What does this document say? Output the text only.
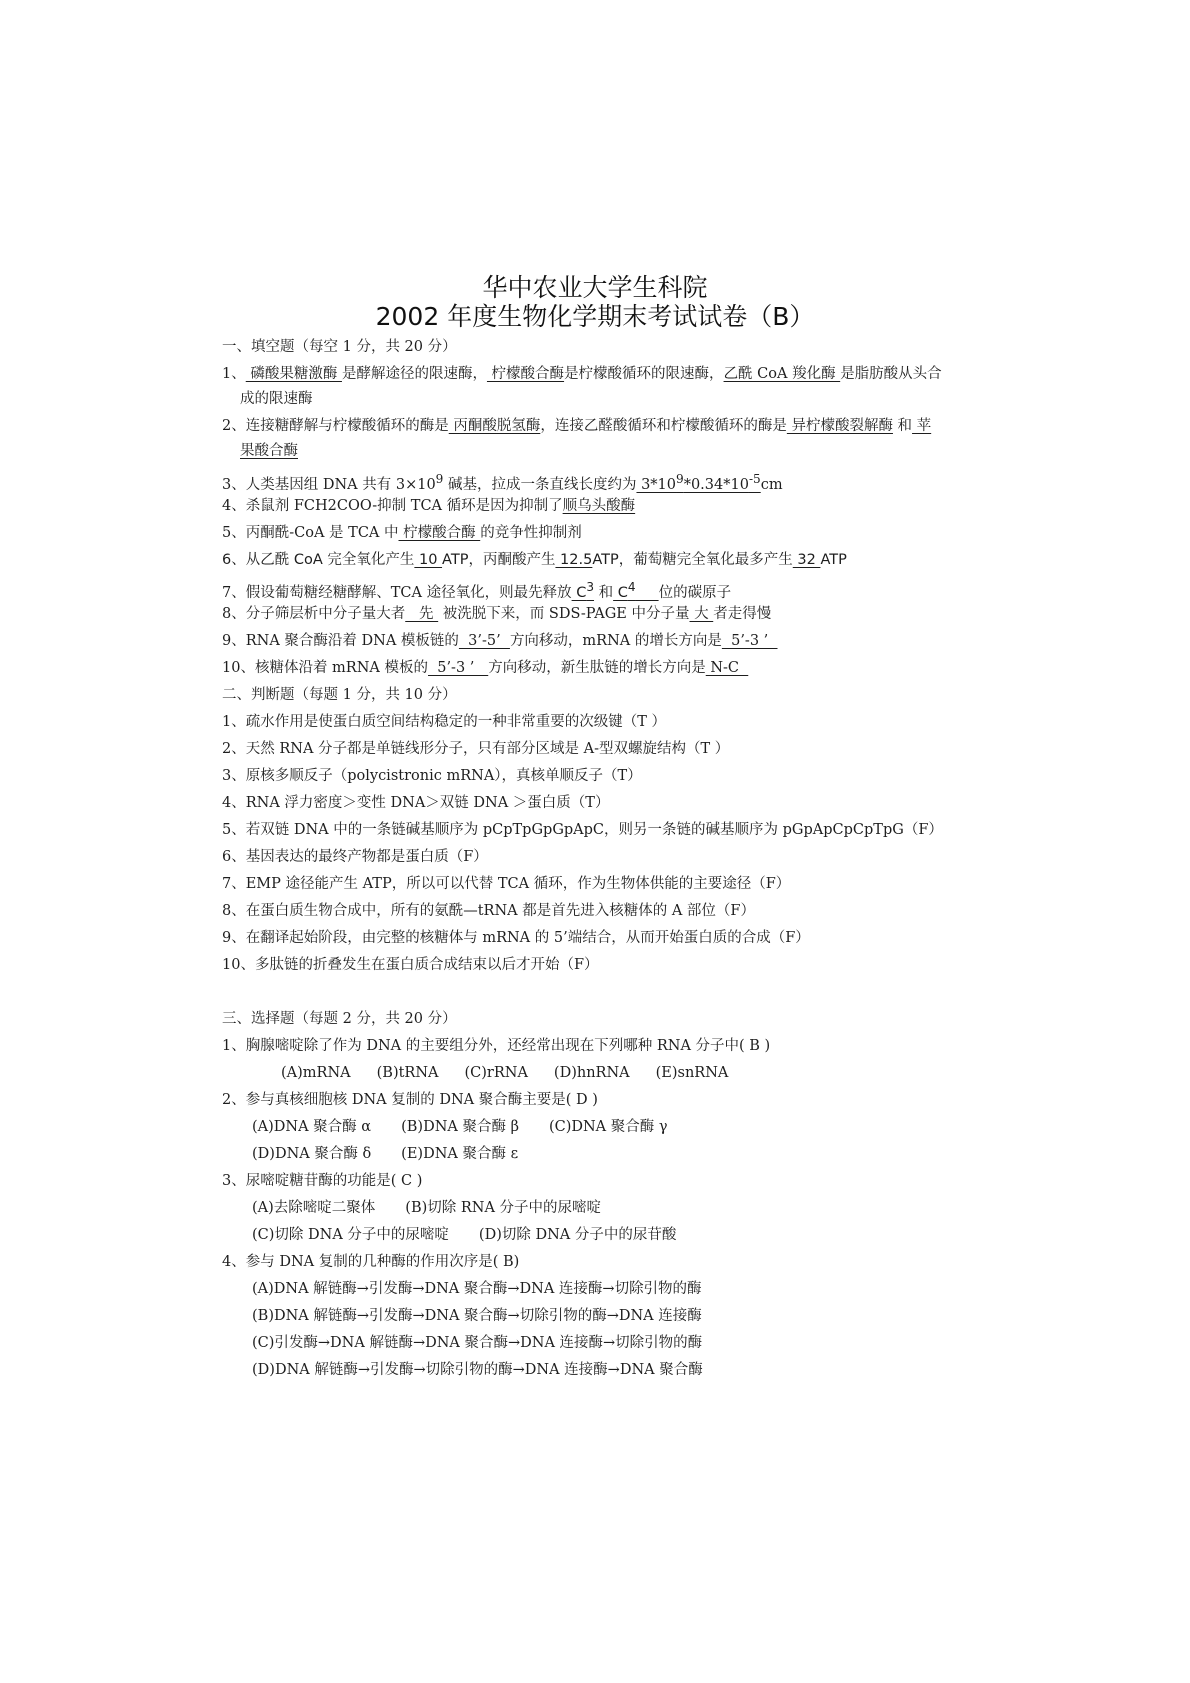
华中农业大学生科院
2002 年度生物化学期末考试试卷（B）
一、填空题（每空 1 分，共 20 分）
1、 磷酸果糖激酶 是酵解途径的限速酶， 柠檬酸合酶是柠檬酸循环的限速酶，乙酰 CoA 羧化酶 是脂肪酸从头合
成的限速酶
2、连接糖酵解与柠檬酸循环的酶是 丙酮酸脱氢酶，连接乙醛酸循环和柠檬酸循环的酶是 异柠檬酸裂解酶 和 苹
果酸合酶
3、人类基因组 DNA 共有 $3\times 10^9$ 碱基，拉成一条直线长度约为 $3*10^9*0.34*10^{-5}cm$
4、杀鼠剂 FCH2COO-抑制 TCA 循环是因为抑制了顺乌头酸酶
5、丙酮酰-CoA 是 TCA 中 柠檬酸合酶 的竞争性抑制剂
6、从乙酰 CoA 完全氧化产生 10 ATP，丙酮酸产生 12.5ATP，葡萄糖完全氧化最多产生 32 ATP
7、假设葡萄糖经糖酵解、TCA 途径氧化，则最先释放 $C^3$ 和 $C^4$ 位的碳原子
8、分子筛层析中分子量大者   先  被洗脱下来，而 SDS-PAGE 中分子量 大 者走得慢
9、RNA 聚合酶沿着 DNA 模板链的  3’-5’  方向移动，mRNA 的增长方向是  5’-3 ’
10、核糖体沿着 mRNA 模板的  5’-3 ’   方向移动，新生肽链的增长方向是 N-C
二、判断题（每题 1 分，共 10 分）
1、疏水作用是使蛋白质空间结构稳定的一种非常重要的次级键（T ）
2、天然 RNA 分子都是单链线形分子，只有部分区域是 A-型双螺旋结构（T ）
3、原核多顺反子（polycistronic mRNA），真核单顺反子（T）
4、RNA 浮力密度＞变性 DNA＞双链 DNA ＞蛋白质（T）
5、若双链 DNA 中的一条链碱基顺序为 pCpTpGpGpApC，则另一条链的碱基顺序为 pGpApCpCpTpG（F）
6、基因表达的最终产物都是蛋白质（F）
7、EMP 途径能产生 ATP，所以可以代替 TCA 循环，作为生物体供能的主要途径（F）
8、在蛋白质生物合成中，所有的氨酰—tRNA 都是首先进入核糖体的 A 部位（F）
9、在翻译起始阶段，由完整的核糖体与 mRNA 的 5’端结合，从而开始蛋白质的合成（F）
10、多肽链的折叠发生在蛋白质合成结束以后才开始（F）
三、选择题（每题 2 分，共 20 分）
1、胸腺嘧啶除了作为 DNA 的主要组分外，还经常出现在下列哪种 RNA 分子中( B )
(A)mRNA (B)tRNA (C)rRNA (D)hnRNA (E)snRNA
2、参与真核细胞核 DNA 复制的 DNA 聚合酶主要是( D )
(A)DNA 聚合酶 α (B)DNA 聚合酶 β (C)DNA 聚合酶 γ
(D)DNA 聚合酶 δ (E)DNA 聚合酶 ε
3、尿嘧啶糖苷酶的功能是( C )
(A)去除嘧啶二聚体 (B)切除 RNA 分子中的尿嘧啶
(C)切除 DNA 分子中的尿嘧啶 (D)切除 DNA 分子中的尿苷酸
4、参与 DNA 复制的几种酶的作用次序是( B)
(A)DNA 解链酶→引发酶→DNA 聚合酶→DNA 连接酶→切除引物的酶
(B)DNA 解链酶→引发酶→DNA 聚合酶→切除引物的酶→DNA 连接酶
(C)引发酶→DNA 解链酶→DNA 聚合酶→DNA 连接酶→切除引物的酶
(D)DNA 解链酶→引发酶→切除引物的酶→DNA 连接酶→DNA 聚合酶
